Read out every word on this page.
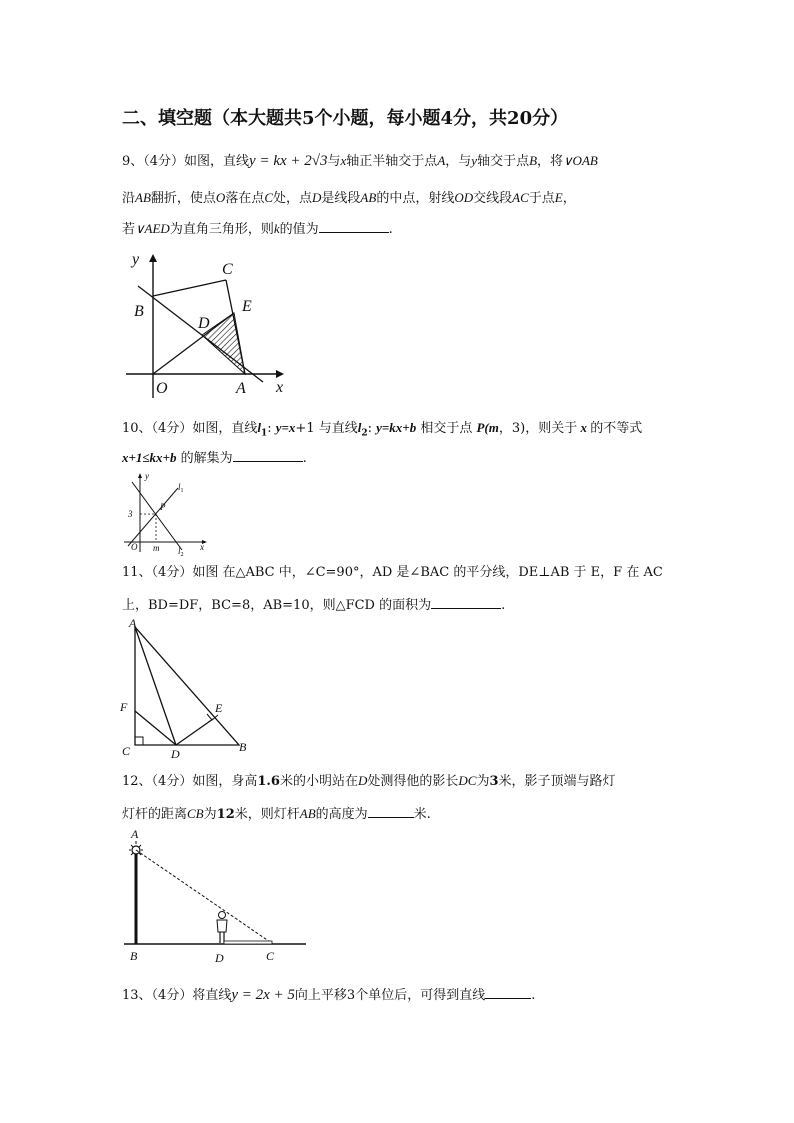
二、填空题（本大题共5个小题，每小题4分，共20分）
9、（4分）如图，直线y = kx + 2√3与x轴正半轴交于点A，与y轴交于点B，将∨OAB
沿AB翻折，使点O落在点C处，点D是线段AB的中点，射线OD交线段AC于点E，
若∨AED为直角三角形，则k的值为	.
y
C
B	E
D
O	A x
10、（4分）如图，直线$l_1$: y=x+1 与直线$l_2$: y=kx+b 相交于点 P(m，3)，则关于 x 的不等式
x+1≤kx+b 的解集为	.
y
$l_1$
3
P
O m $l_2$
x
11、（4分）如图 在△ABC 中，∠C=90°，AD 是∠BAC 的平分线，DE⊥AB 于 E，F 在 AC
上，BD=DF，BC=8，AB=10，则△FCD 的面积为	.
A
F	E
C	D	B
12、（4分）如图，身高1.6米的小明站在D处测得他的影长DC为3米，影子顶端与路灯
灯杆的距离CB为12米，则灯杆AB的高度为	米.
A
B	D	C
13、（4分）将直线y = 2x + 5向上平移3个单位后，可得到直线	.
